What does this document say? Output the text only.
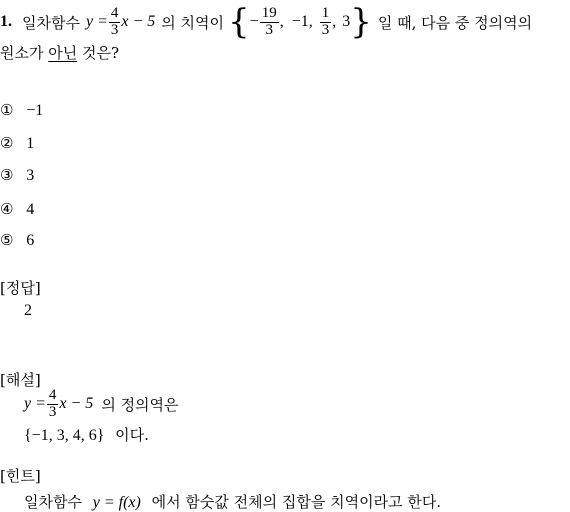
1. 일차함수 $y = \frac{4}{3}$ x − 5 의 치역이 { − $\frac{19}{3}$ , −1, $\frac{1}{3}$ , 3 } 일 때, 다음 중 정의역의
원소가 아닌 것은?
① −1
② 1
③ 3
④ 4
⑤ 6
[정답]
2
[해설]
$y = \frac{4}{3}$ x − 5 의 정의역은
{−1, 3, 4, 6} 이다.
[힌트]
일차함수 y = f(x) 에서 함숫값 전체의 집합을 치역이라고 한다.
